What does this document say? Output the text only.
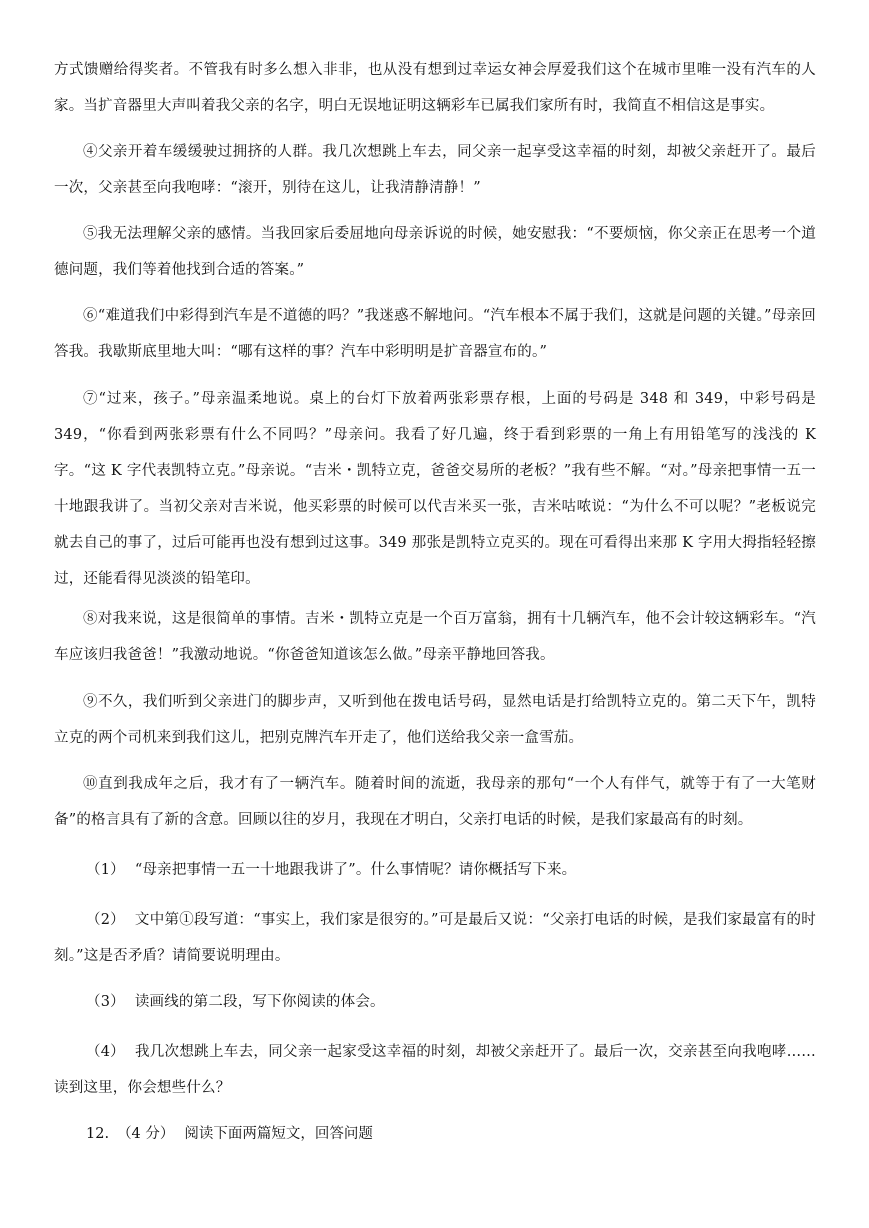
方式馈赠给得奖者。不管我有时多么想入非非，也从没有想到过幸运女神会厚爱我们这个在城市里唯一没有汽车的人家。当扩音器里大声叫着我父亲的名字，明白无误地证明这辆彩车已属我们家所有时，我简直不相信这是事实。

④父亲开着车缓缓驶过拥挤的人群。我几次想跳上车去，同父亲一起享受这幸福的时刻，却被父亲赶开了。最后一次，父亲甚至向我咆哮：“滚开，别待在这儿，让我清静清静！”

⑤我无法理解父亲的感情。当我回家后委屈地向母亲诉说的时候，她安慰我：“不要烦恼，你父亲正在思考一个道德问题，我们等着他找到合适的答案。”

⑥“难道我们中彩得到汽车是不道德的吗？”我迷惑不解地问。“汽车根本不属于我们，这就是问题的关键。”母亲回答我。我歇斯底里地大叫：“哪有这样的事？汽车中彩明明是扩音器宣布的。”

⑦“过来，孩子。”母亲温柔地说。桌上的台灯下放着两张彩票存根，上面的号码是 348 和 349，中彩号码是 349，“你看到两张彩票有什么不同吗？”母亲问。我看了好几遍，终于看到彩票的一角上有用铅笔写的浅浅的 K 字。“这 K 字代表凯特立克。”母亲说。“吉米・凯特立克，爸爸交易所的老板？”我有些不解。“对。”母亲把事情一五一十地跟我讲了。当初父亲对吉米说，他买彩票的时候可以代吉米买一张，吉米咕哝说：“为什么不可以呢？”老板说完就去自己的事了，过后可能再也没有想到过这事。349 那张是凯特立克买的。现在可看得出来那 K 字用大拇指轻轻擦过，还能看得见淡淡的铅笔印。

⑧对我来说，这是很简单的事情。吉米・凯特立克是一个百万富翁，拥有十几辆汽车，他不会计较这辆彩车。“汽车应该归我爸爸！”我激动地说。“你爸爸知道该怎么做。”母亲平静地回答我。

⑨不久，我们听到父亲进门的脚步声，又听到他在拨电话号码，显然电话是打给凯特立克的。第二天下午，凯特立克的两个司机来到我们这儿，把别克牌汽车开走了，他们送给我父亲一盒雪茄。

⑩直到我成年之后，我才有了一辆汽车。随着时间的流逝，我母亲的那句“一个人有伴气，就等于有了一大笔财备”的格言具有了新的含意。回顾以往的岁月，我现在才明白，父亲打电话的时候，是我们家最高有的时刻。

（1） “母亲把事情一五一十地跟我讲了”。什么事情呢？请你概括写下来。

（2） 文中第①段写道：“事实上，我们家是很穷的。”可是最后又说：“父亲打电话的时候，是我们家最富有的时刻。”这是否矛盾？请简要说明理由。

（3） 读画线的第二段，写下你阅读的体会。

（4） 我几次想跳上车去，同父亲一起家受这幸福的时刻，却被父亲赶开了。最后一次，交亲甚至向我咆哮……读到这里，你会想些什么？

12. （4 分） 阅读下面两篇短文，回答问题
